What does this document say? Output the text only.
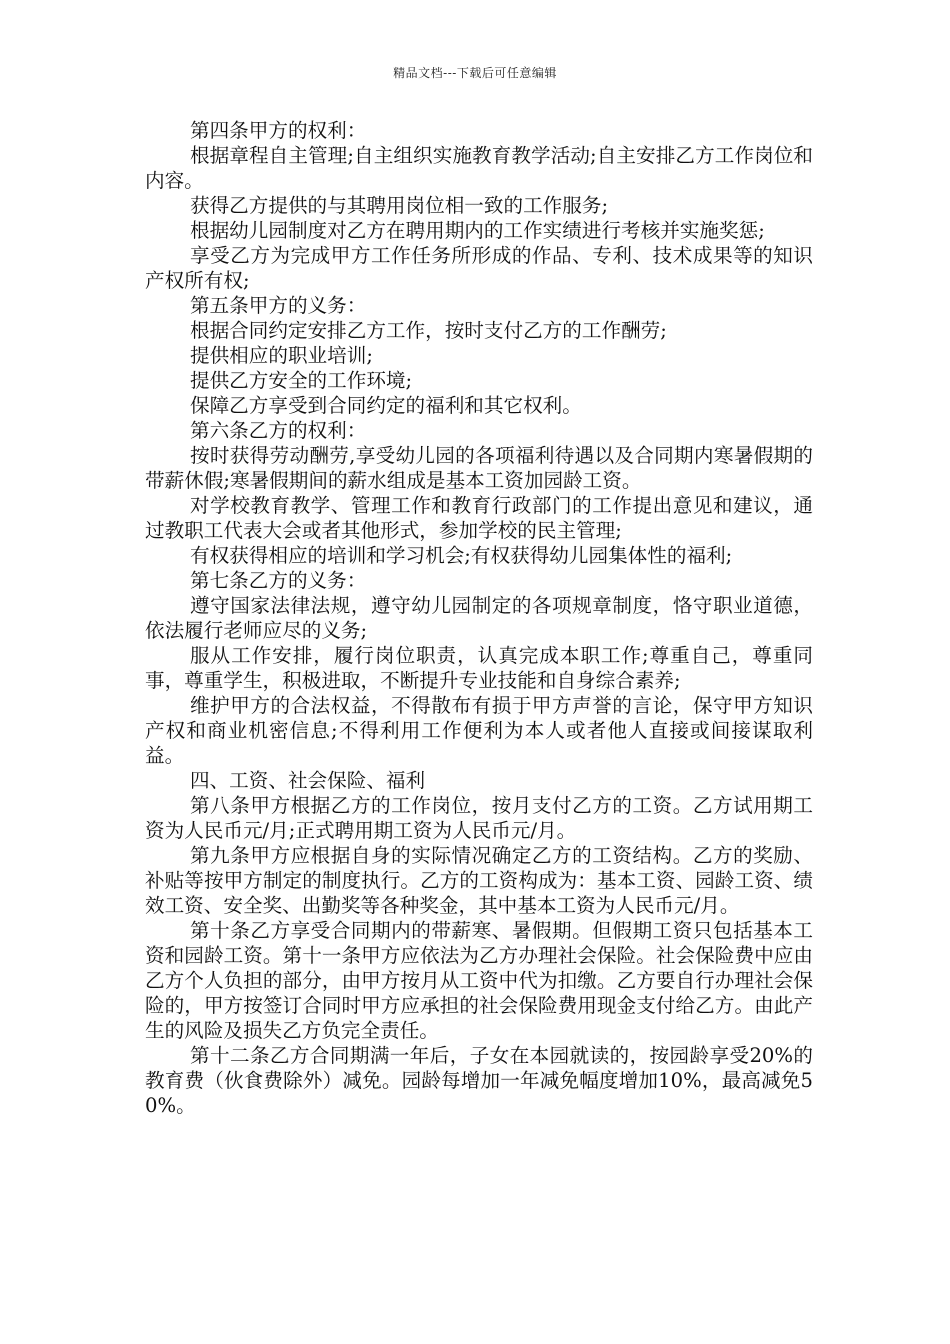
精品文档---下载后可任意编辑

第四条甲方的权利：

根据章程自主管理;自主组织实施教育教学活动;自主安排乙方工作岗位和内容。

获得乙方提供的与其聘用岗位相一致的工作服务;

根据幼儿园制度对乙方在聘用期内的工作实绩进行考核并实施奖惩;

享受乙方为完成甲方工作任务所形成的作品、专利、技术成果等的知识产权所有权;

第五条甲方的义务：

根据合同约定安排乙方工作，按时支付乙方的工作酬劳;

提供相应的职业培训;

提供乙方安全的工作环境;

保障乙方享受到合同约定的福利和其它权利。

第六条乙方的权利：

按时获得劳动酬劳,享受幼儿园的各项福利待遇以及合同期内寒暑假期的带薪休假;寒暑假期间的薪水组成是基本工资加园龄工资。

对学校教育教学、管理工作和教育行政部门的工作提出意见和建议，通过教职工代表大会或者其他形式，参加学校的民主管理;

有权获得相应的培训和学习机会;有权获得幼儿园集体性的福利;

第七条乙方的义务：

遵守国家法律法规，遵守幼儿园制定的各项规章制度，恪守职业道德，依法履行老师应尽的义务;

服从工作安排，履行岗位职责，认真完成本职工作;尊重自己，尊重同事，尊重学生，积极进取，不断提升专业技能和自身综合素养;

维护甲方的合法权益，不得散布有损于甲方声誉的言论，保守甲方知识产权和商业机密信息;不得利用工作便利为本人或者他人直接或间接谋取利益。

四、工资、社会保险、福利

第八条甲方根据乙方的工作岗位，按月支付乙方的工资。乙方试用期工资为人民币元/月;正式聘用期工资为人民币元/月。

第九条甲方应根据自身的实际情况确定乙方的工资结构。乙方的奖励、补贴等按甲方制定的制度执行。乙方的工资构成为：基本工资、园龄工资、绩效工资、安全奖、出勤奖等各种奖金，其中基本工资为人民币元/月。

第十条乙方享受合同期内的带薪寒、暑假期。但假期工资只包括基本工资和园龄工资。第十一条甲方应依法为乙方办理社会保险。社会保险费中应由乙方个人负担的部分，由甲方按月从工资中代为扣缴。乙方要自行办理社会保险的，甲方按签订合同时甲方应承担的社会保险费用现金支付给乙方。由此产生的风险及损失乙方负完全责任。

第十二条乙方合同期满一年后，子女在本园就读的，按园龄享受20%的教育费（伙食费除外）减免。园龄每增加一年减免幅度增加10%，最高减免50%。
